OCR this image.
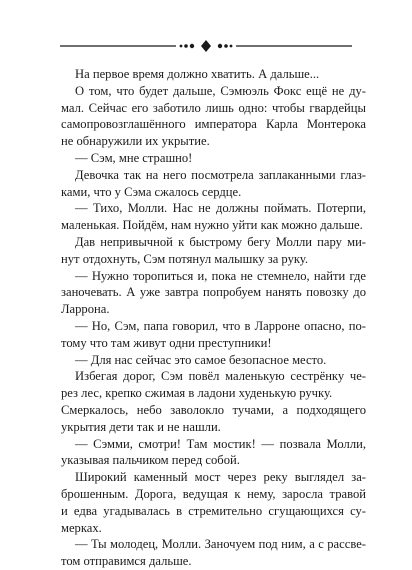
На первое время должно хватить. А дальше...
О том, что будет дальше, Сэмюэль Фокс ещё не ду-
мал. Сейчас его заботило лишь одно: чтобы гвардейцы
самопровозглашённого императора Карла Монтерока
не обнаружили их укрытие.
— Сэм, мне страшно!
Девочка так на него посмотрела заплаканными глаз-
ками, что у Сэма сжалось сердце.
— Тихо, Молли. Нас не должны поймать. Потерпи,
маленькая. Пойдём, нам нужно уйти как можно дальше.
Дав непривычной к быстрому бегу Молли пару ми-
нут отдохнуть, Сэм потянул малышку за руку.
— Нужно торопиться и, пока не стемнело, найти где
заночевать. А уже завтра попробуем нанять повозку до
Ларрона.
— Но, Сэм, папа говорил, что в Ларроне опасно, по-
тому что там живут одни преступники!
— Для нас сейчас это самое безопасное место.
Избегая дорог, Сэм повёл маленькую сестрёнку че-
рез лес, крепко сжимая в ладони худенькую ручку.
Смеркалось, небо заволокло тучами, а подходящего
укрытия дети так и не нашли.
— Сэмми, смотри! Там мостик! — позвала Молли,
указывая пальчиком перед собой.
Широкий каменный мост через реку выглядел за-
брошенным. Дорога, ведущая к нему, заросла травой
и едва угадывалась в стремительно сгущающихся су-
мерках.
— Ты молодец, Молли. Заночуем под ним, а с рассве-
том отправимся дальше.
